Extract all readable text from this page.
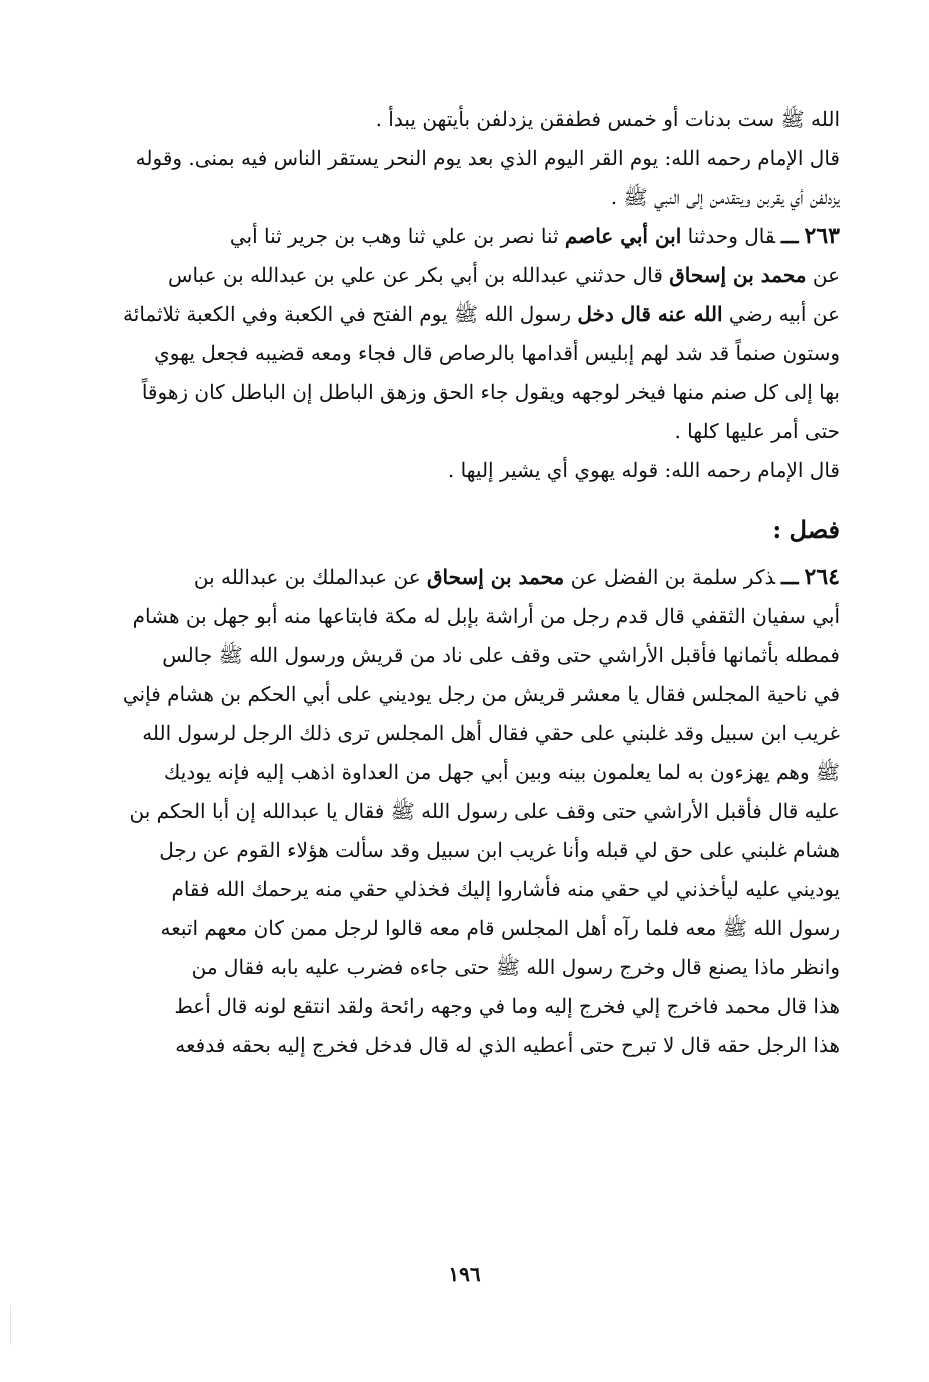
الله ﷺ ست بدنات أو خمس فطفقن يزدلفن بأيتهن يبدأ .
قال الإمام رحمه الله: يوم القر اليوم الذي بعد يوم النحر يستقر الناس فيه بمنى. وقوله
يزدلفن أي يقربن ويتقدمن إلى النبي ﷺ .
٢٦٣ـــقال وحدثنا ابن أبي عاصم ثنا نصر بن علي ثنا وهب بن جرير ثنا أبي
عن محمد بن إسحاق قال حدثني عبدالله بن أبي بكر عن علي بن عبدالله بن عباس
عن أبيه رضي الله عنه قال دخل رسول الله ﷺ يوم الفتح في الكعبة وفي الكعبة ثلاثمائة
وستون صنماً قد شد لهم إبليس أقدامها بالرصاص قال فجاء ومعه قضيبه فجعل يهوي
بها إلى كل صنم منها فيخر لوجهه ويقول جاء الحق وزهق الباطل إن الباطل كان زهوقاً
حتى أمر عليها كلها .
قال الإمام رحمه الله: قوله يهوي أي يشير إليها .
فصل :
٢٦٤ـــذكر سلمة بن الفضل عن محمد بن إسحاق عن عبدالملك بن عبدالله بن
أبي سفيان الثقفي قال قدم رجل من أراشة بإبل له مكة فابتاعها منه أبو جهل بن هشام
فمطله بأثمانها فأقبل الأراشي حتى وقف على ناد من قريش ورسول الله ﷺ جالس
في ناحية المجلس فقال يا معشر قريش من رجل يوديني على أبي الحكم بن هشام فإني
غريب ابن سبيل وقد غلبني على حقي فقال أهل المجلس ترى ذلك الرجل لرسول الله
ﷺ وهم يهزءون به لما يعلمون بينه وبين أبي جهل من العداوة اذهب إليه فإنه يوديك
عليه قال فأقبل الأراشي حتى وقف على رسول الله ﷺ فقال يا عبدالله إن أبا الحكم بن
هشام غلبني على حق لي قبله وأنا غريب ابن سبيل وقد سألت هؤلاء القوم عن رجل
يوديني عليه ليأخذني لي حقي منه فأشاروا إليك فخذلي حقي منه يرحمك الله فقام
رسول الله ﷺ معه فلما رآه أهل المجلس قام معه قالوا لرجل ممن كان معهم اتبعه
وانظر ماذا يصنع قال وخرج رسول الله ﷺ حتى جاءه فضرب عليه بابه فقال من
هذا قال محمد فاخرج إلي فخرج إليه وما في وجهه رائحة ولقد انتقع لونه قال أعط
هذا الرجل حقه قال لا تبرح حتى أعطيه الذي له قال فدخل فخرج إليه بحقه فدفعه
١٩٦
